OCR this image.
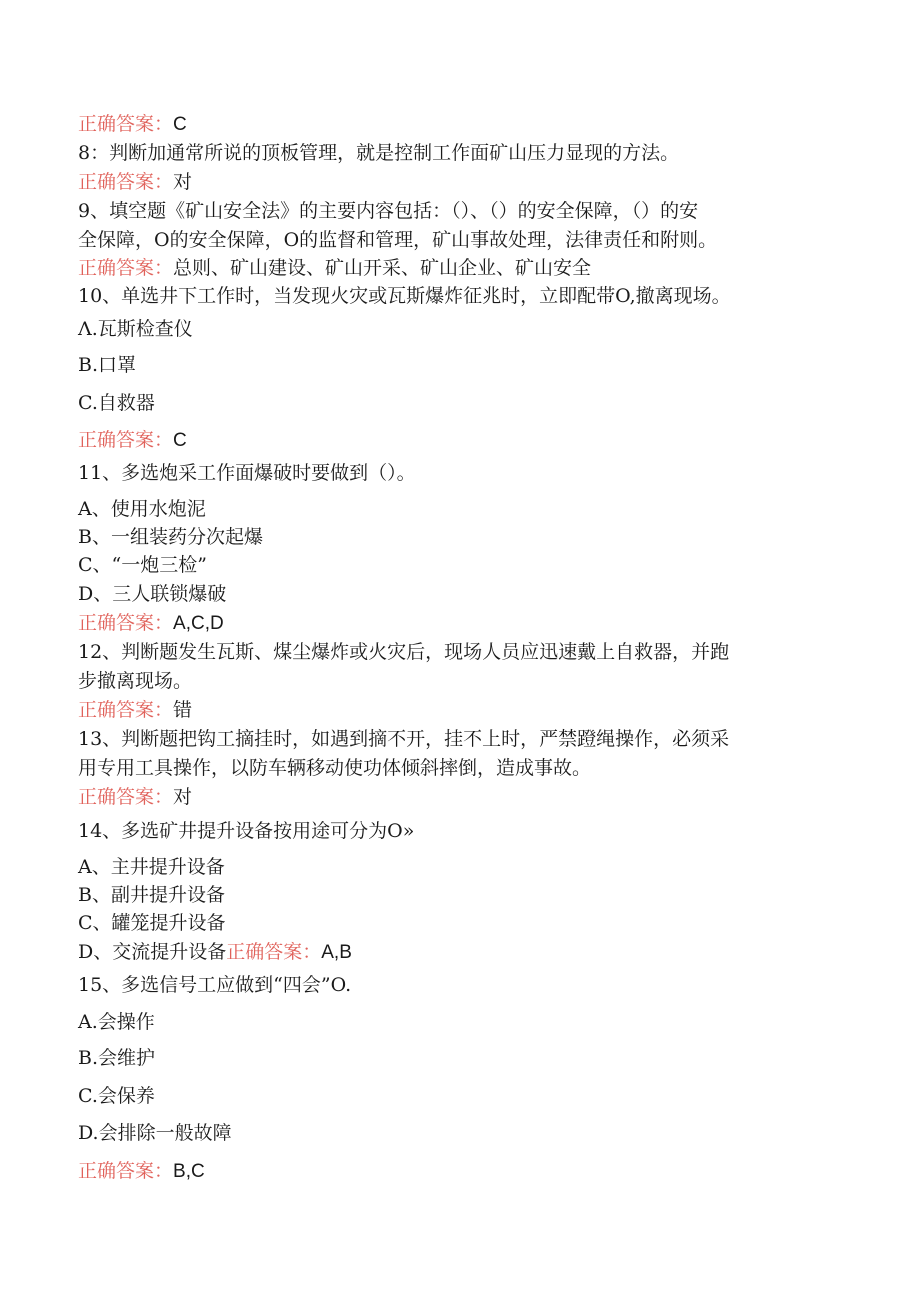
正确答案：C
8：判断加通常所说的顶板管理，就是控制工作面矿山压力显现的方法。
正确答案：对
9、填空题《矿山安全法》的主要内容包括：（）、（）的安全保障，（）的安
全保障，O的安全保障，O的监督和管理，矿山事故处理，法律责任和附则。
正确答案：总则、矿山建设、矿山开采、矿山企业、矿山安全
10、单选井下工作时，当发现火灾或瓦斯爆炸征兆时，立即配带O,撤离现场。
Λ.瓦斯检查仪
B.口罩
C.自救器
正确答案：C
11、多选炮采工作面爆破时要做到（）。
A、使用水炮泥
B、一组装药分次起爆
C、“一炮三检”
D、三人联锁爆破
正确答案：A,C,D
12、判断题发生瓦斯、煤尘爆炸或火灾后，现场人员应迅速戴上自救器，并跑
步撤离现场。
正确答案：错
13、判断题把钩工摘挂时，如遇到摘不开，挂不上时，严禁蹬绳操作，必须采
用专用工具操作，以防车辆移动使功体倾斜摔倒，造成事故。
正确答案：对
14、多选矿井提升设备按用途可分为O»
A、主井提升设备
B、副井提升设备
C、罐笼提升设备
D、交流提升设备正确答案：A,B
15、多选信号工应做到“四会”O.
A.会操作
B.会维护
C.会保养
D.会排除一般故障
正确答案：B,C
